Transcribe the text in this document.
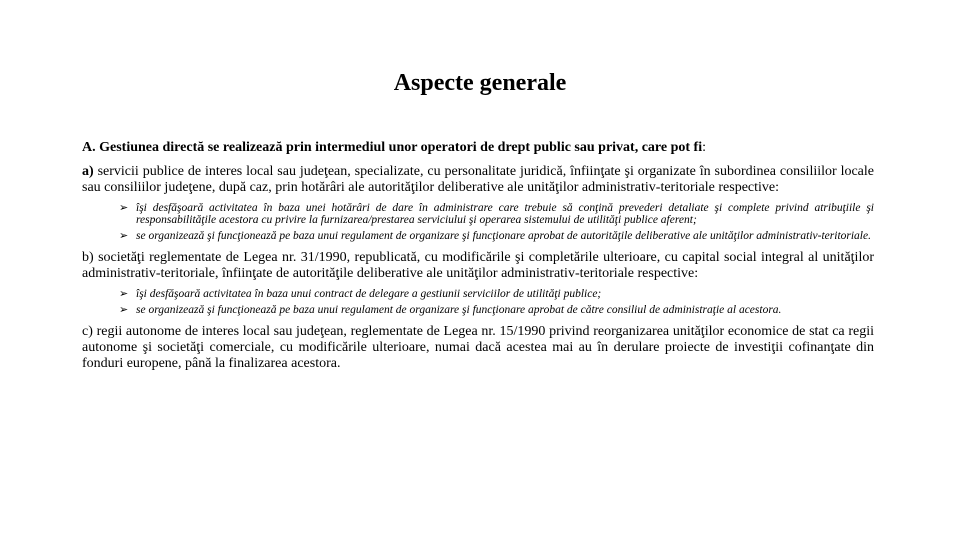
Aspecte generale

A. Gestiunea directă se realizează prin intermediul unor operatori de drept public sau privat, care pot fi:

a) servicii publice de interes local sau judeţean, specializate, cu personalitate juridică, înfiinţate şi organizate în subordinea consiliilor locale sau consiliilor judeţene, după caz, prin hotărâri ale autorităţilor deliberative ale unităţilor administrativ-teritoriale respective:

➢ îşi desfăşoară activitatea în baza unei hotărâri de dare în administrare care trebuie să conţină prevederi detaliate şi complete privind atribuţiile şi responsabilităţile acestora cu privire la furnizarea/prestarea serviciului şi operarea sistemului de utilităţi publice aferent;
➢ se organizează şi funcţionează pe baza unui regulament de organizare şi funcţionare aprobat de autorităţile deliberative ale unităţilor administrativ-teritoriale.

b) societăţi reglementate de Legea nr. 31/1990, republicată, cu modificările şi completările ulterioare, cu capital social integral al unităţilor administrativ-teritoriale, înfiinţate de autorităţile deliberative ale unităţilor administrativ-teritoriale respective:

➢ îşi desfăşoară activitatea în baza unui contract de delegare a gestiunii serviciilor de utilităţi publice;
➢ se organizează şi funcţionează pe baza unui regulament de organizare şi funcţionare aprobat de către consiliul de administraţie al acestora.

c) regii autonome de interes local sau judeţean, reglementate de Legea nr. 15/1990 privind reorganizarea unităţilor economice de stat ca regii autonome şi societăţi comerciale, cu modificările ulterioare, numai dacă acestea mai au în derulare proiecte de investiţii cofinanţate din fonduri europene, până la finalizarea acestora.
